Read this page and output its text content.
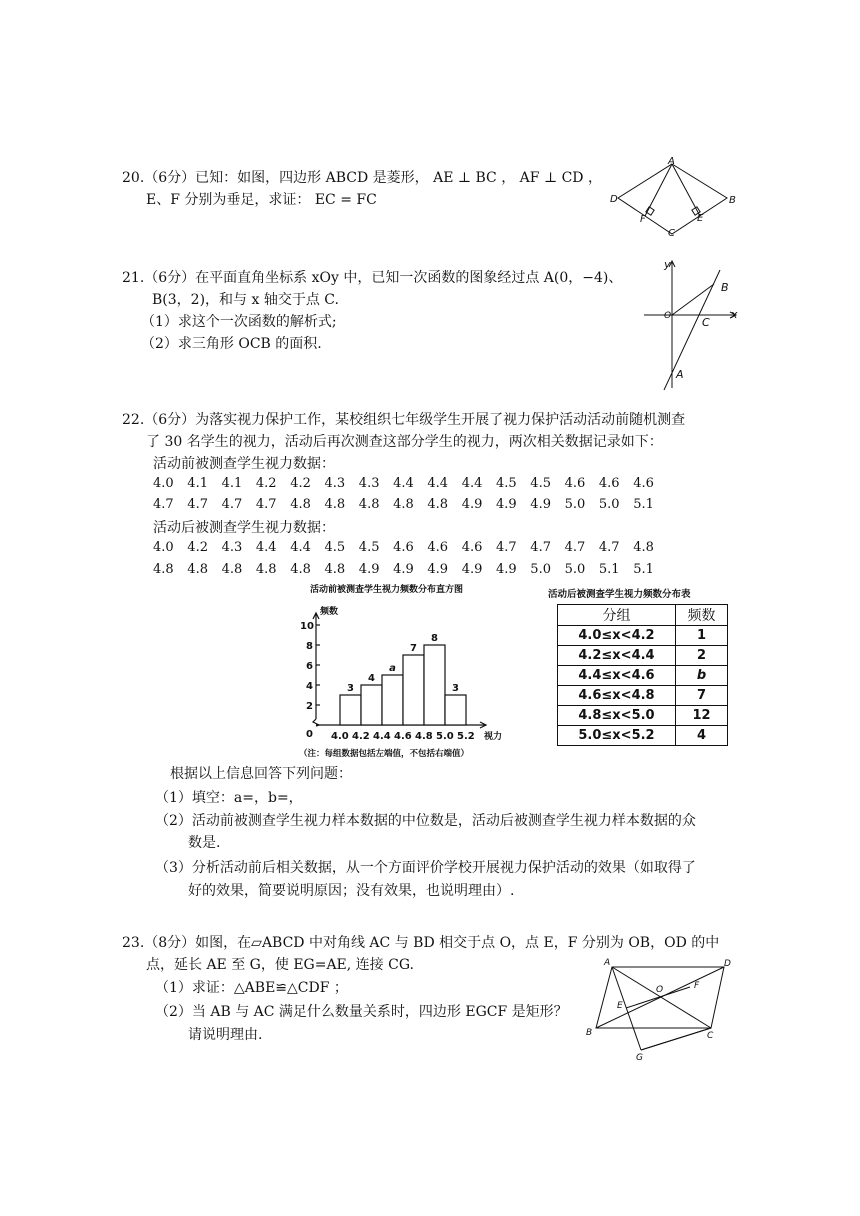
20.（6分）已知：如图，四边形 ABCD 是菱形， AE ⊥ BC ， AF ⊥ CD ，
E、F 分别为垂足，求证： EC = FC
A
B
C
D
E
F
21.（6分）在平面直角坐标系 xOy 中，已知一次函数的图象经过点 A(0，−4)、
B(3，2)，和与 x 轴交于点 C.
（1）求这个一次函数的解析式;
（2）求三角形 OCB 的面积.
y
x
O
B
C
A
22.（6分）为落实视力保护工作，某校组织七年级学生开展了视力保护活动活动前随机测查
了 30 名学生的视力，活动后再次测查这部分学生的视力，两次相关数据记录如下：
活动前被测查学生视力数据：
4.0	4.1	4.1	4.2	4.2	4.3	4.3	4.4	4.4	4.4	4.5	4.5	4.6	4.6	4.6
4.7	4.7	4.7	4.7	4.8	4.8	4.8	4.8	4.8	4.9	4.9	4.9	5.0	5.0	5.1
活动后被测查学生视力数据：
4.0	4.2	4.3	4.4	4.4	4.5	4.5	4.6	4.6	4.6	4.7	4.7	4.7	4.7	4.8
4.8	4.8	4.8	4.8	4.8	4.8	4.9	4.9	4.9	4.9	4.9	5.0	5.0	5.1	5.1
活动前被测查学生视力频数分布直方图
0
2
4
6
8
10
4.0 4.2 4.4 4.6 4.8 5.0 5.2
3
4
a
7
8
3
频数
视力
（注：每组数据包括左端值，不包括右端值）
活动后被测查学生视力频数分布表
分组	频数
4.0≤x<4.2	1
4.2≤x<4.4	2
4.4≤x<4.6	b
4.6≤x<4.8	7
4.8≤x<5.0	12
5.0≤x<5.2	4
根据以上信息回答下列问题：
（1）填空：a=，b=，
（2）活动前被测查学生视力样本数据的中位数是，活动后被测查学生视力样本数据的众
数是.
（3）分析活动前后相关数据，从一个方面评价学校开展视力保护活动的效果（如取得了
好的效果，简要说明原因；没有效果，也说明理由）.
23.（8分）如图，在▱ABCD 中对角线 AC 与 BD 相交于点 O，点 E，F 分别为 OB，OD 的中
点，延长 AE 至 G，使 EG=AE, 连接 CG.
（1）求证：△ABE≌△CDF ；
（2）当 AB 与 AC 满足什么数量关系时，四边形 EGCF 是矩形？
请说明理由.
A	D
B	C
O
E
F
G
